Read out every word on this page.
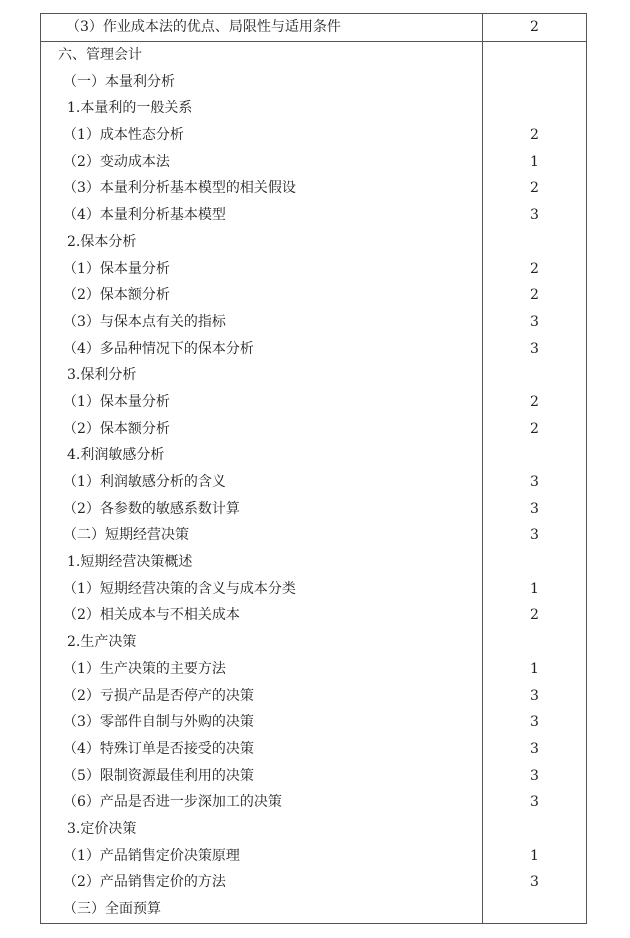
（3）作业成本法的优点、局限性与适用条件	2
六、管理会计
（一）本量利分析
1.本量利的一般关系
（1）成本性态分析	2
（2）变动成本法	1
（3）本量利分析基本模型的相关假设	2
（4）本量利分析基本模型	3
2.保本分析
（1）保本量分析	2
（2）保本额分析	2
（3）与保本点有关的指标	3
（4）多品种情况下的保本分析	3
3.保利分析
（1）保本量分析	2
（2）保本额分析	2
4.利润敏感分析
（1）利润敏感分析的含义	3
（2）各参数的敏感系数计算	3
（二）短期经营决策	3
1.短期经营决策概述
（1）短期经营决策的含义与成本分类	1
（2）相关成本与不相关成本	2
2.生产决策
（1）生产决策的主要方法	1
（2）亏损产品是否停产的决策	3
（3）零部件自制与外购的决策	3
（4）特殊订单是否接受的决策	3
（5）限制资源最佳利用的决策	3
（6）产品是否进一步深加工的决策	3
3.定价决策
（1）产品销售定价决策原理	1
（2）产品销售定价的方法	3
（三）全面预算
